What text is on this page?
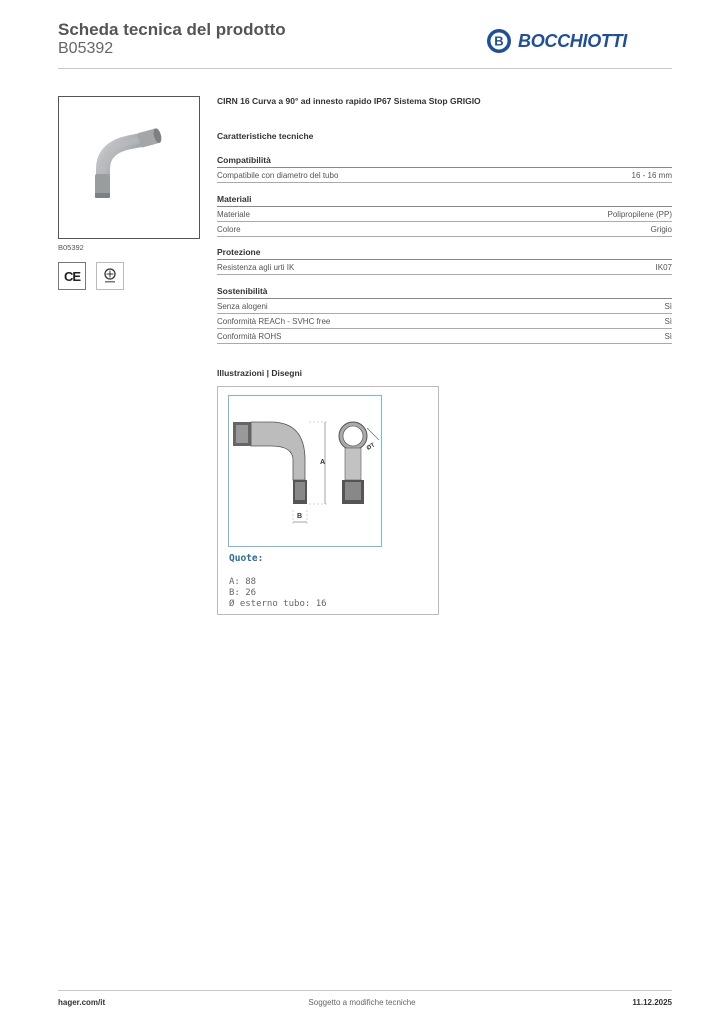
Scheda tecnica del prodotto
B05392	B BOCCHIOTTI
B05392
CE
CIRN 16 Curva a 90° ad innesto rapido IP67 Sistema Stop GRIGIO
Caratteristiche tecniche
Compatibilità
Compatibile con diametro del tubo	16 - 16 mm
Materiali
Materiale	Polipropilene (PP)
Colore	Grigio
Protezione
Resistenza agli urti IK	IK07
Sostenibilità
Senza alogeni	Sì
Conformità REACh - SVHC free	Sì
Conformità ROHS	Sì
Illustrazioni | Disegni
A
B
ØT
Quote:
A: 88
B: 26
Ø esterno tubo: 16
hager.com/it	Soggetto a modifiche tecniche	11.12.2025
